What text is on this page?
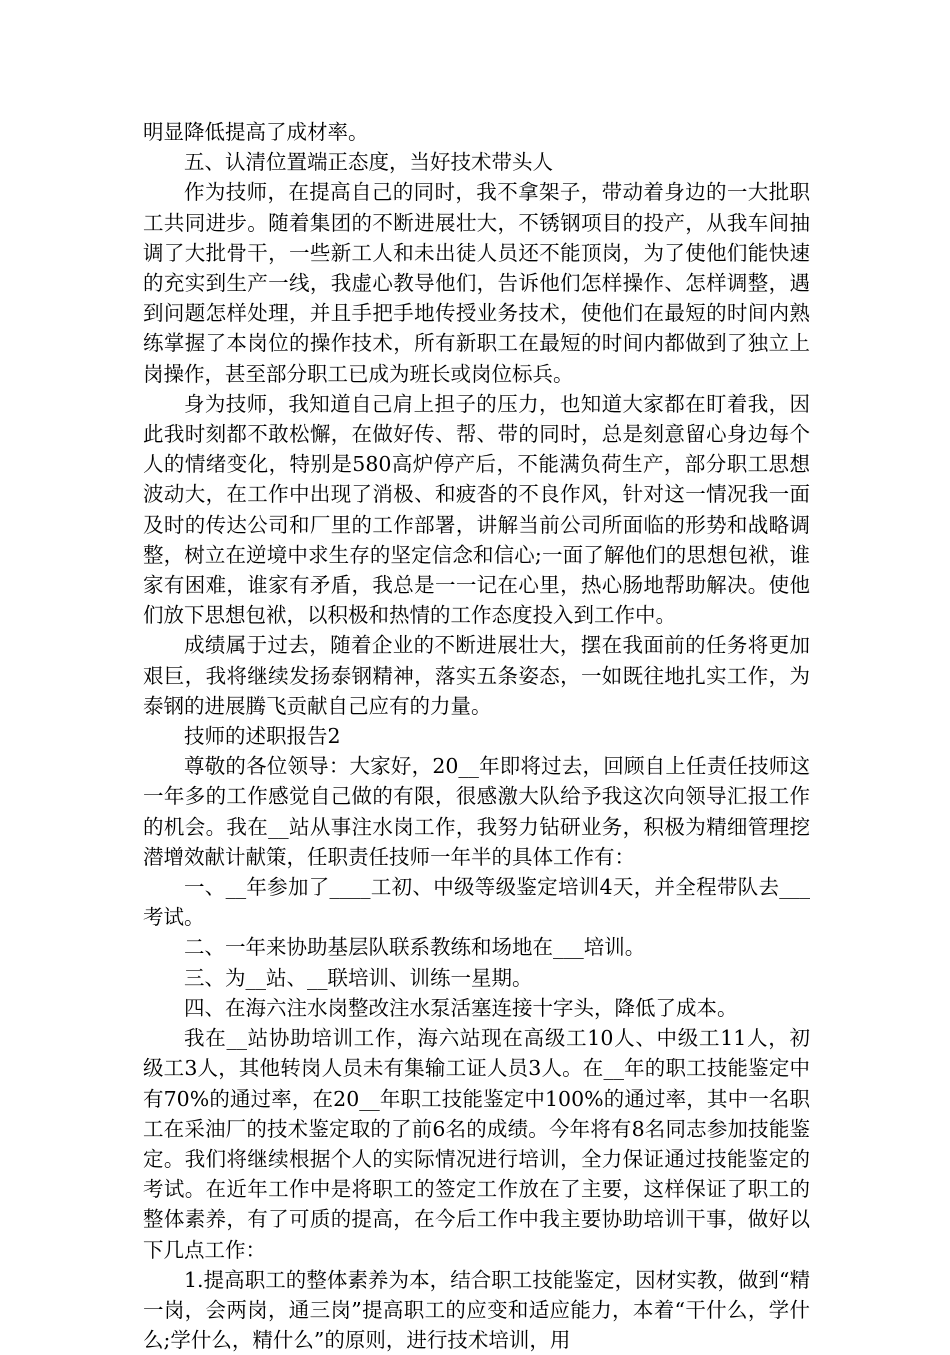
明显降低提高了成材率。

五、认清位置端正态度，当好技术带头人

作为技师，在提高自己的同时，我不拿架子，带动着身边的一大批职工共同进步。随着集团的不断进展壮大，不锈钢项目的投产，从我车间抽调了大批骨干，一些新工人和未出徒人员还不能顶岗，为了使他们能快速的充实到生产一线，我虚心教导他们，告诉他们怎样操作、怎样调整，遇到问题怎样处理，并且手把手地传授业务技术，使他们在最短的时间内熟练掌握了本岗位的操作技术，所有新职工在最短的时间内都做到了独立上岗操作，甚至部分职工已成为班长或岗位标兵。

身为技师，我知道自己肩上担子的压力，也知道大家都在盯着我，因此我时刻都不敢松懈，在做好传、帮、带的同时，总是刻意留心身边每个人的情绪变化，特别是580高炉停产后，不能满负荷生产，部分职工思想波动大，在工作中出现了消极、和疲沓的不良作风，针对这一情况我一面及时的传达公司和厂里的工作部署，讲解当前公司所面临的形势和战略调整，树立在逆境中求生存的坚定信念和信心;一面了解他们的思想包袱，谁家有困难，谁家有矛盾，我总是一一记在心里，热心肠地帮助解决。使他们放下思想包袱，以积极和热情的工作态度投入到工作中。

成绩属于过去，随着企业的不断进展壮大，摆在我面前的任务将更加艰巨，我将继续发扬泰钢精神，落实五条姿态，一如既往地扎实工作，为泰钢的进展腾飞贡献自己应有的力量。

技师的述职报告2

尊敬的各位领导：大家好，20__年即将过去，回顾自上任责任技师这一年多的工作感觉自己做的有限，很感激大队给予我这次向领导汇报工作的机会。我在__站从事注水岗工作，我努力钻研业务，积极为精细管理挖潜增效献计献策，任职责任技师一年半的具体工作有：

一、__年参加了____工初、中级等级鉴定培训4天，并全程带队去___考试。

二、一年来协助基层队联系教练和场地在___培训。

三、为__站、__联培训、训练一星期。

四、在海六注水岗整改注水泵活塞连接十字头，降低了成本。

我在__站协助培训工作，海六站现在高级工10人、中级工11人，初级工3人，其他转岗人员未有集输工证人员3人。在__年的职工技能鉴定中有70%的通过率，在20__年职工技能鉴定中100%的通过率，其中一名职工在采油厂的技术鉴定取的了前6名的成绩。今年将有8名同志参加技能鉴定。我们将继续根据个人的实际情况进行培训，全力保证通过技能鉴定的考试。在近年工作中是将职工的签定工作放在了主要，这样保证了职工的整体素养，有了可质的提高，在今后工作中我主要协助培训干事，做好以下几点工作：

1.提高职工的整体素养为本，结合职工技能鉴定，因材实教，做到“精一岗，会两岗，通三岗”提高职工的应变和适应能力，本着“干什么，学什么;学什么，精什么”的原则，进行技术培训，用
